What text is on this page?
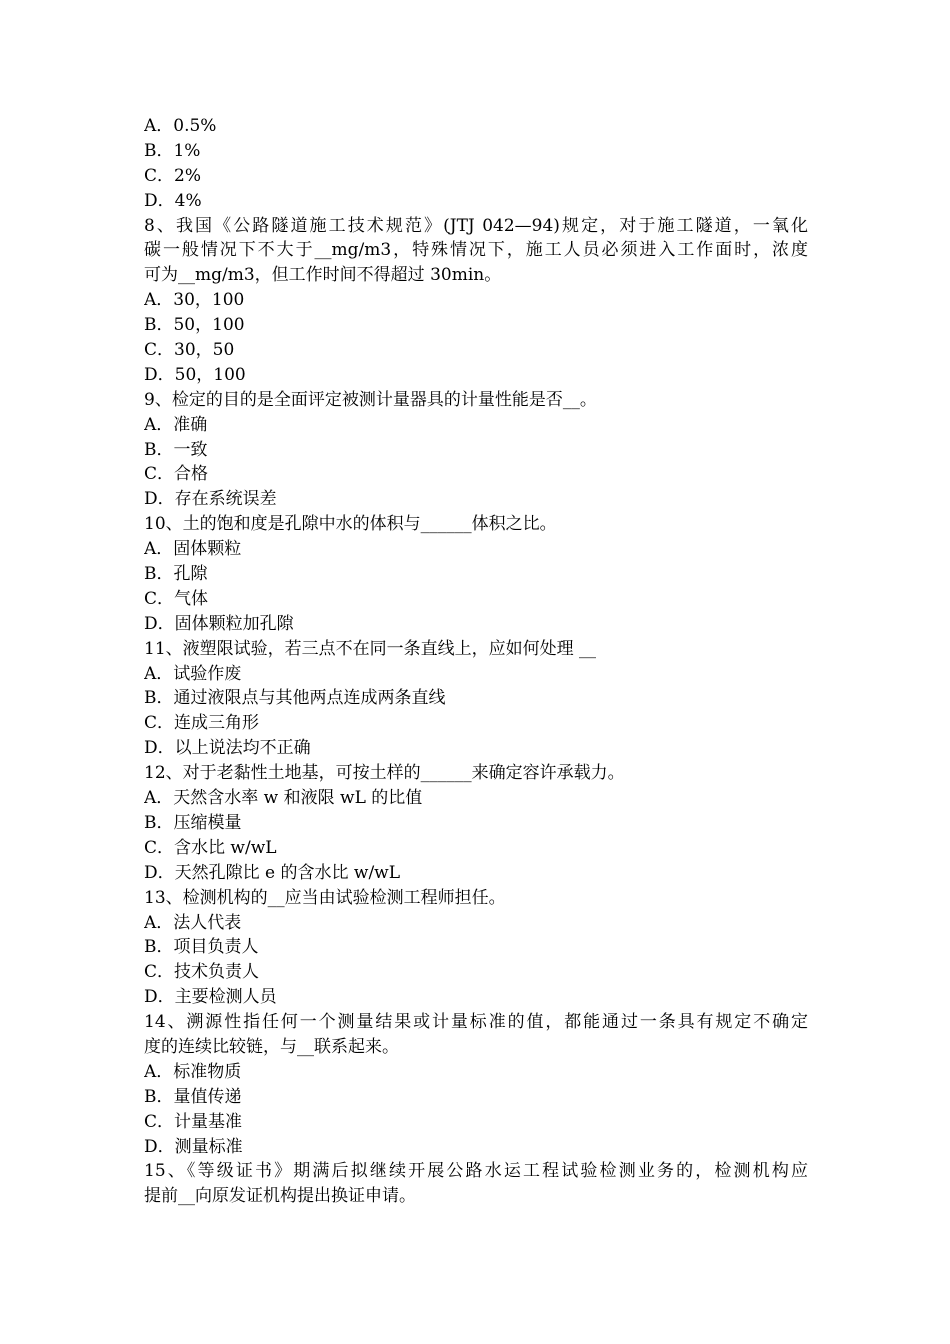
A．0.5%
B．1%
C．2%
D．4%
8、我国《公路隧道施工技术规范》(JTJ 042—94)规定，对于施工隧道，一氧化
碳一般情况下不大于__mg/m3，特殊情况下，施工人员必须进入工作面时，浓度
可为__mg/m3，但工作时间不得超过 30min。
A．30，100
B．50，100
C．30，50
D．50，100
9、检定的目的是全面评定被测计量器具的计量性能是否__。
A．准确
B．一致
C．合格
D．存在系统误差
10、土的饱和度是孔隙中水的体积与______体积之比。
A．固体颗粒
B．孔隙
C．气体
D．固体颗粒加孔隙
11、液塑限试验，若三点不在同一条直线上，应如何处理 __
A．试验作废
B．通过液限点与其他两点连成两条直线
C．连成三角形
D．以上说法均不正确
12、对于老黏性土地基，可按土样的______来确定容许承载力。
A．天然含水率 w 和液限 wL 的比值
B．压缩模量
C．含水比 w/wL
D．天然孔隙比 e 的含水比 w/wL
13、检测机构的__应当由试验检测工程师担任。
A．法人代表
B．项目负责人
C．技术负责人
D．主要检测人员
14、溯源性指任何一个测量结果或计量标准的值，都能通过一条具有规定不确定
度的连续比较链，与__联系起来。
A．标准物质
B．量值传递
C．计量基准
D．测量标准
15、《等级证书》期满后拟继续开展公路水运工程试验检测业务的，检测机构应
提前__向原发证机构提出换证申请。
